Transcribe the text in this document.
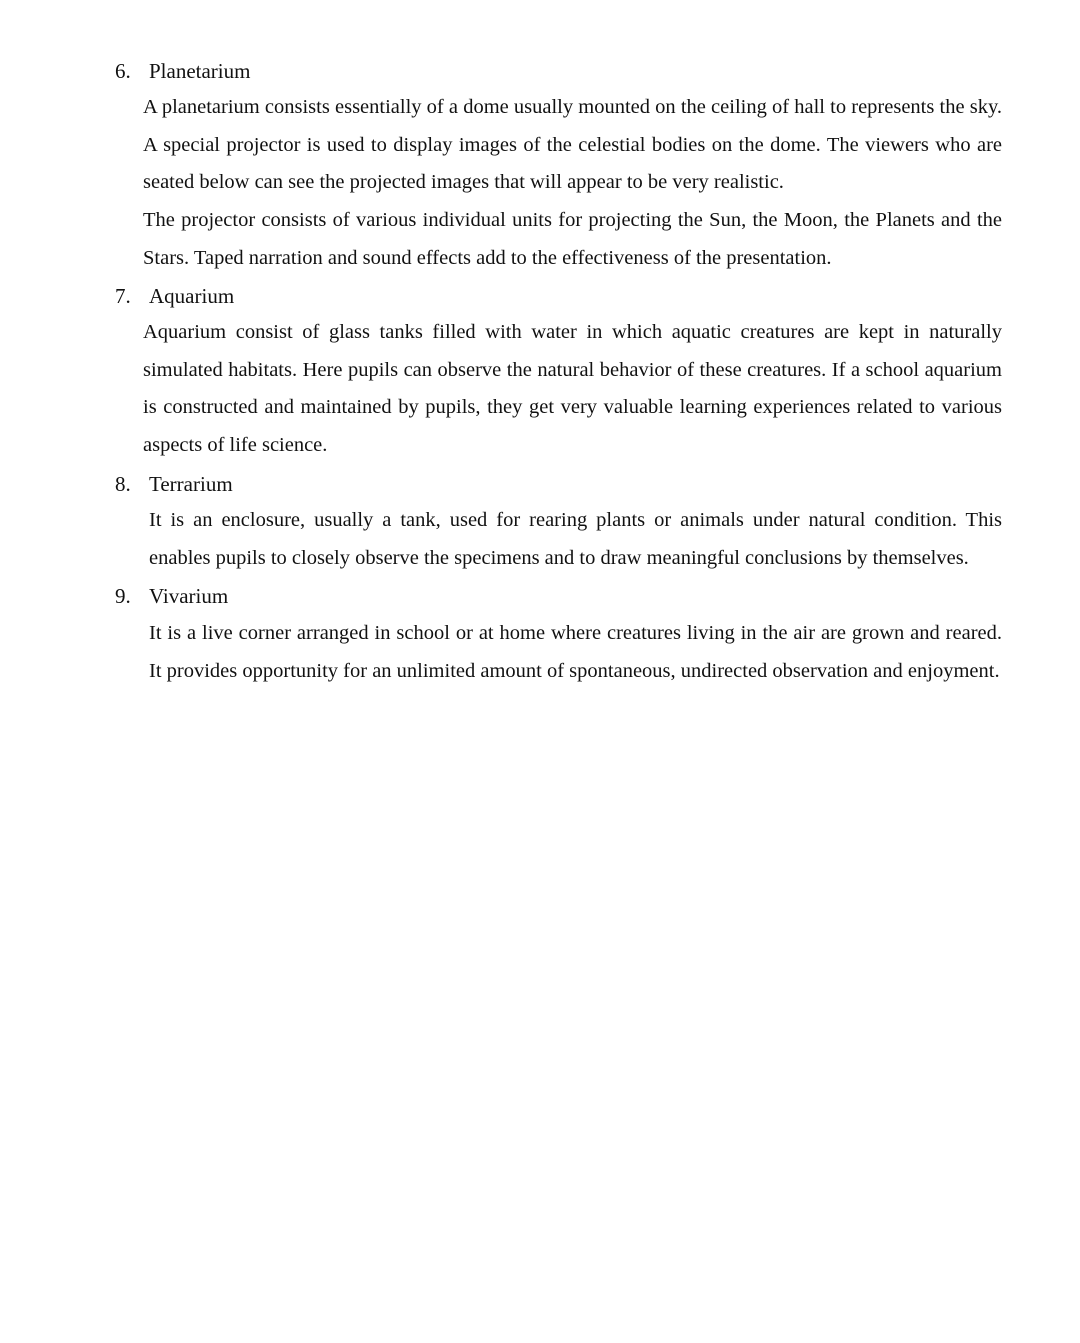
6. Planetarium

A planetarium consists essentially of a dome usually mounted on the ceiling of hall to represents the sky. A special projector is used to display images of the celestial bodies on the dome. The viewers who are seated below can see the projected images that will appear to be very realistic.

The projector consists of various individual units for projecting the Sun, the Moon, the Planets and the Stars. Taped narration and sound effects add to the effectiveness of the presentation.

7. Aquarium

Aquarium consist of glass tanks filled with water in which aquatic creatures are kept in naturally simulated habitats. Here pupils can observe the natural behavior of these creatures. If a school aquarium is constructed and maintained by pupils, they get very valuable learning experiences related to various aspects of life science.

8. Terrarium

It is an enclosure, usually a tank, used for rearing plants or animals under natural condition. This enables pupils to closely observe the specimens and to draw meaningful conclusions by themselves.

9. Vivarium

It is a live corner arranged in school or at home where creatures living in the air are grown and reared. It provides opportunity for an unlimited amount of spontaneous, undirected observation and enjoyment.
